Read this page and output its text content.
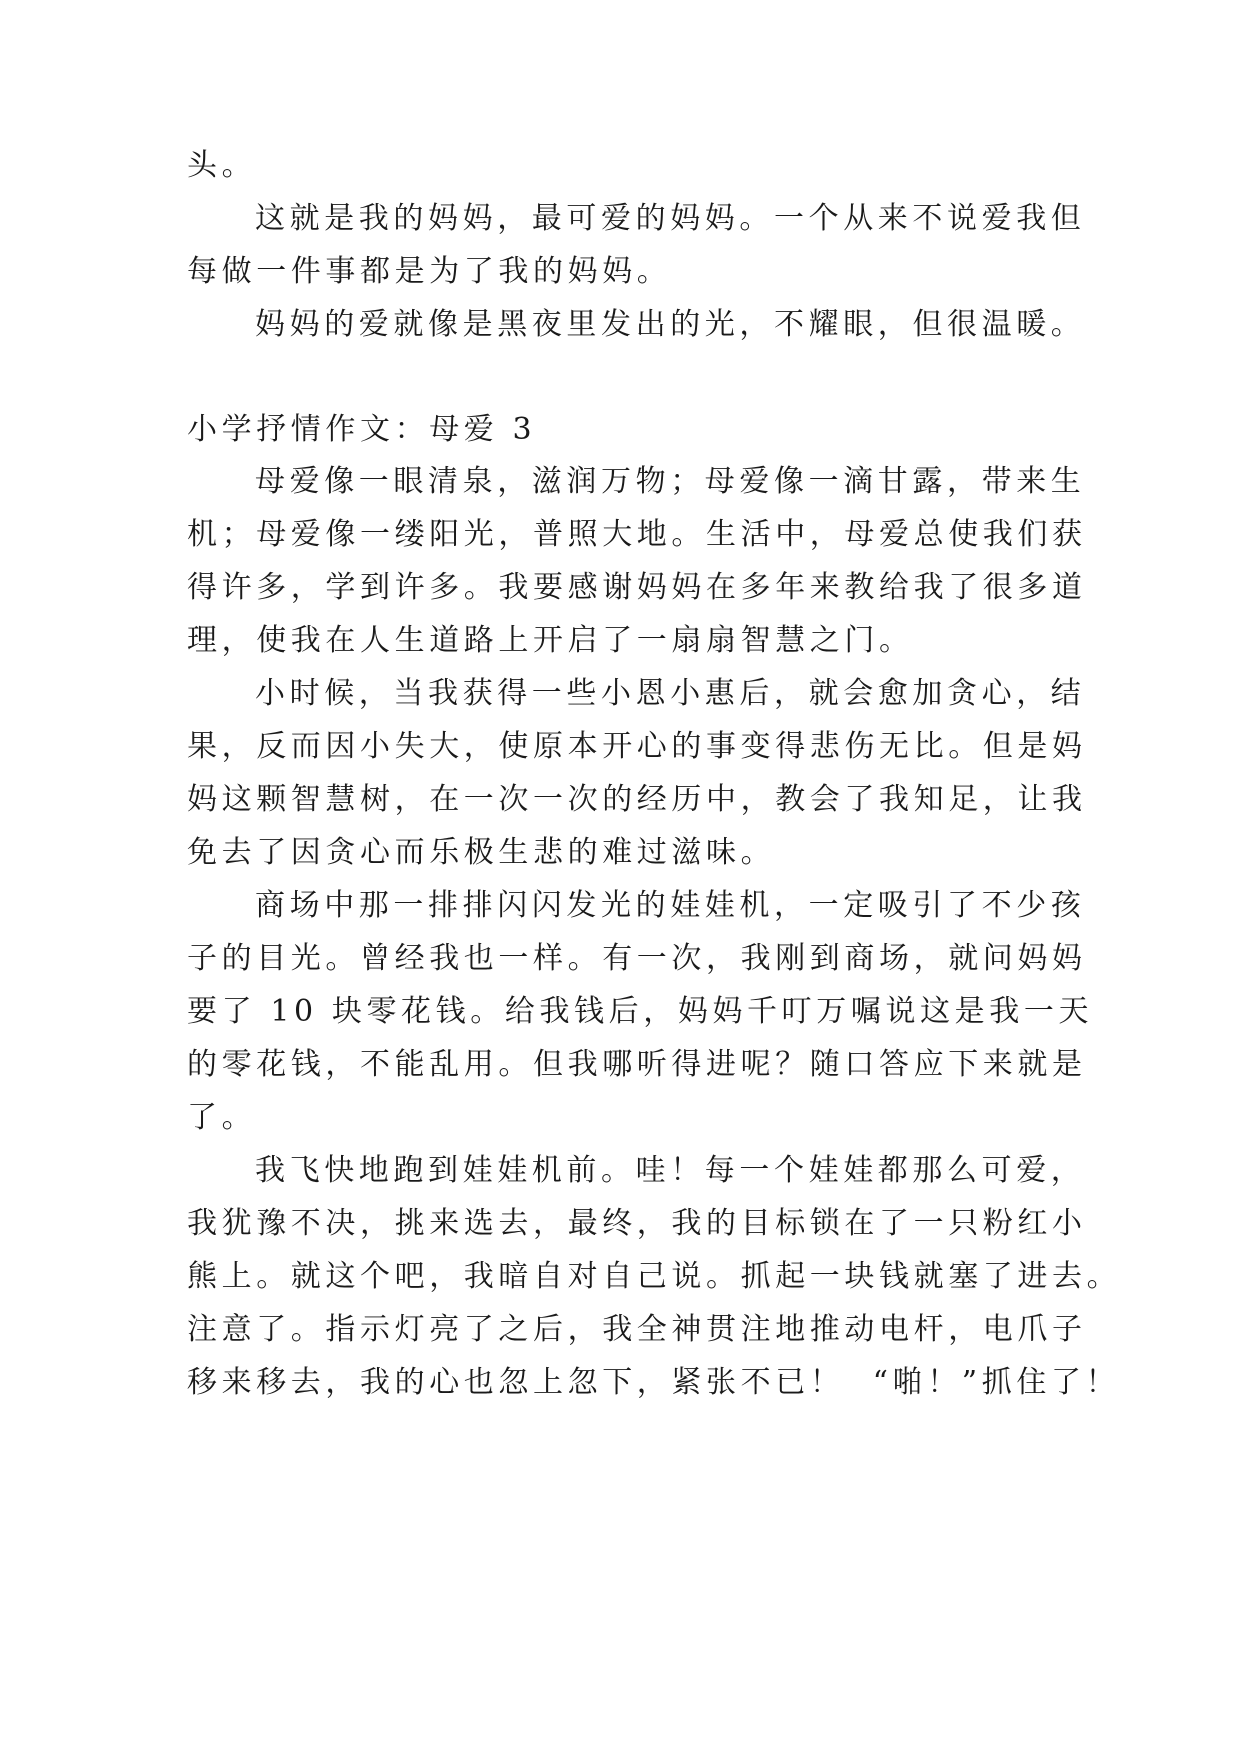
头。
这就是我的妈妈，最可爱的妈妈。一个从来不说爱我但
每做一件事都是为了我的妈妈。
妈妈的爱就像是黑夜里发出的光，不耀眼，但很温暖。
小学抒情作文：母爱 3
母爱像一眼清泉，滋润万物；母爱像一滴甘露，带来生
机；母爱像一缕阳光，普照大地。生活中，母爱总使我们获
得许多，学到许多。我要感谢妈妈在多年来教给我了很多道
理，使我在人生道路上开启了一扇扇智慧之门。
小时候，当我获得一些小恩小惠后，就会愈加贪心，结
果，反而因小失大，使原本开心的事变得悲伤无比。但是妈
妈这颗智慧树，在一次一次的经历中，教会了我知足，让我
免去了因贪心而乐极生悲的难过滋味。
商场中那一排排闪闪发光的娃娃机，一定吸引了不少孩
子的目光。曾经我也一样。有一次，我刚到商场，就问妈妈
要了 10 块零花钱。给我钱后，妈妈千叮万嘱说这是我一天
的零花钱，不能乱用。但我哪听得进呢？随口答应下来就是
了。
我飞快地跑到娃娃机前。哇！每一个娃娃都那么可爱，
我犹豫不决，挑来选去，最终，我的目标锁在了一只粉红小
熊上。就这个吧，我暗自对自己说。抓起一块钱就塞了进去。
注意了。指示灯亮了之后，我全神贯注地推动电杆，电爪子
移来移去，我的心也忽上忽下，紧张不已！  “啪！”抓住了！
